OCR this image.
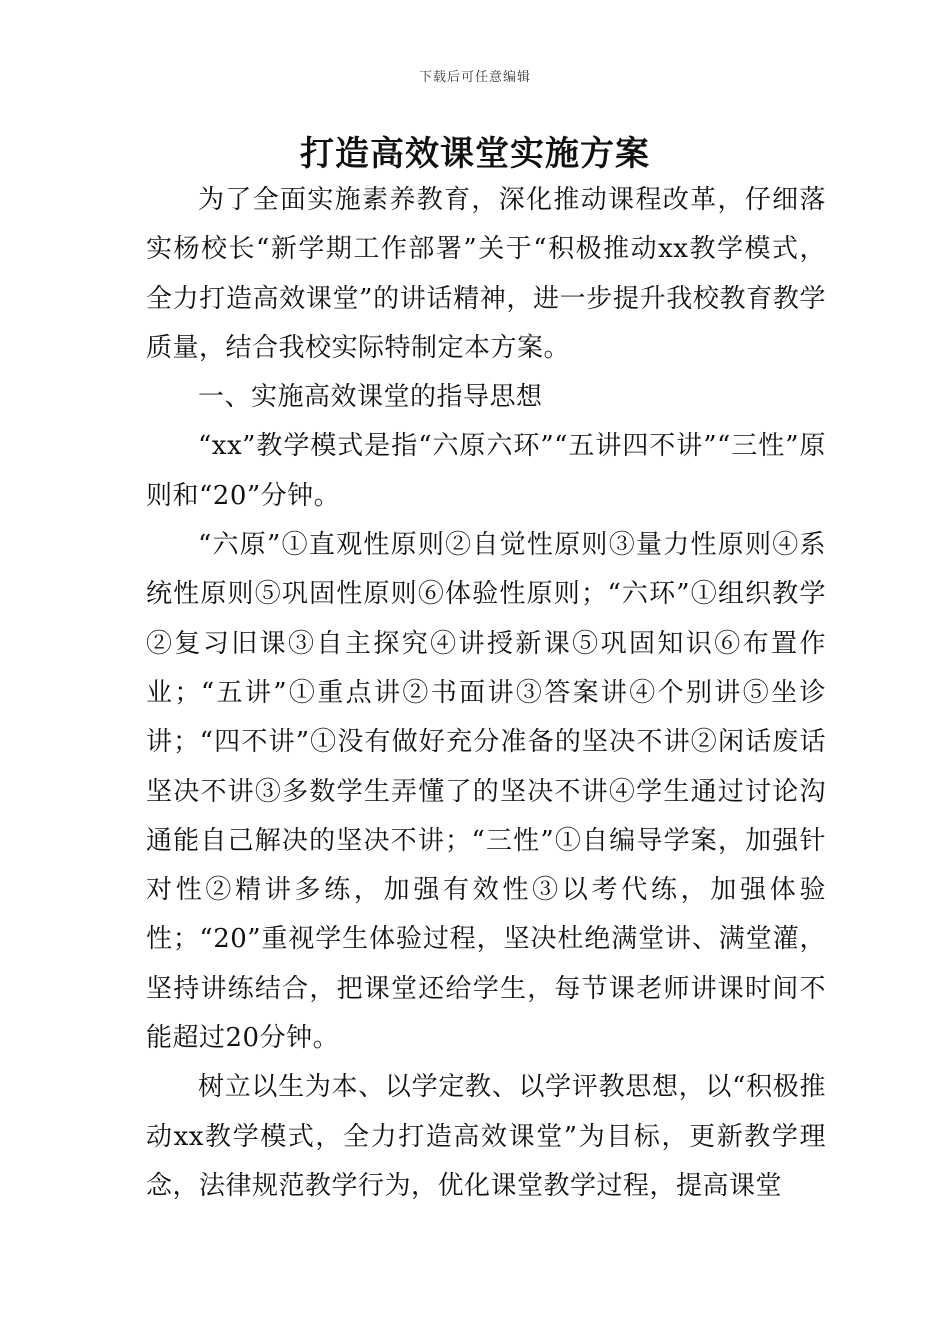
下载后可任意编辑
打造高效课堂实施方案

为了全面实施素养教育，深化推动课程改革，仔细落实杨校长“新学期工作部署”关于“积极推动xx教学模式，全力打造高效课堂”的讲话精神，进一步提升我校教育教学质量，结合我校实际特制定本方案。

一、实施高效课堂的指导思想

“xx”教学模式是指“六原六环”“五讲四不讲”“三性”原则和“20”分钟。

“六原”①直观性原则②自觉性原则③量力性原则④系统性原则⑤巩固性原则⑥体验性原则；“六环”①组织教学②复习旧课③自主探究④讲授新课⑤巩固知识⑥布置作业；“五讲”①重点讲②书面讲③答案讲④个别讲⑤坐诊讲；“四不讲”①没有做好充分准备的坚决不讲②闲话废话坚决不讲③多数学生弄懂了的坚决不讲④学生通过讨论沟通能自己解决的坚决不讲；“三性”①自编导学案，加强针对性②精讲多练，加强有效性③以考代练，加强体验性；“20”重视学生体验过程，坚决杜绝满堂讲、满堂灌，坚持讲练结合，把课堂还给学生，每节课老师讲课时间不能超过20分钟。

树立以生为本、以学定教、以学评教思想，以“积极推动xx教学模式，全力打造高效课堂”为目标，更新教学理念，法律规范教学行为，优化课堂教学过程，提高课堂
